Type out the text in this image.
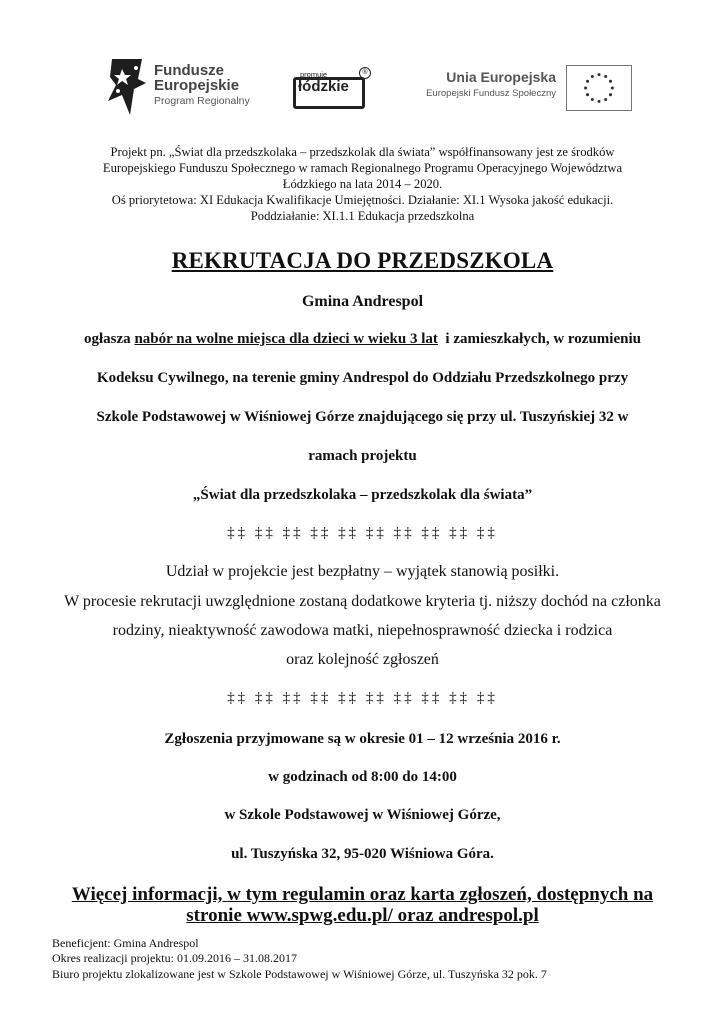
Fundusze
Europejskie
Program Regionalny
promuje
łódzkie
®	Unia Europejska
Europejski Fundusz Społeczny
Projekt pn. „Świat dla przedszkolaka – przedszkolak dla świata” współfinansowany jest ze środków
Europejskiego Funduszu Społecznego w ramach Regionalnego Programu Operacyjnego Województwa
Łódzkiego na lata 2014 – 2020.
Oś priorytetowa: XI Edukacja Kwalifikacje Umiejętności. Działanie: XI.1 Wysoka jakość edukacji.
Poddziałanie: XI.1.1 Edukacja przedszkolna
REKRUTACJA DO PRZEDSZKOLA
Gmina Andrespol
ogłasza nabór na wolne miejsca dla dzieci w wieku 3 lat  i zamieszkałych, w rozumieniu
Kodeksu Cywilnego, na terenie gminy Andrespol do Oddziału Przedszkolnego przy
Szkole Podstawowej w Wiśniowej Górze znajdującego się przy ul. Tuszyńskiej 32 w
ramach projektu
„Świat dla przedszkolaka – przedszkolak dla świata”
‡‡ ‡‡ ‡‡ ‡‡ ‡‡ ‡‡ ‡‡ ‡‡ ‡‡ ‡‡
Udział w projekcie jest bezpłatny – wyjątek stanowią posiłki.
W procesie rekrutacji uwzględnione zostaną dodatkowe kryteria tj. niższy dochód na członka
rodziny, nieaktywność zawodowa matki, niepełnosprawność dziecka i rodzica
oraz kolejność zgłoszeń
‡‡ ‡‡ ‡‡ ‡‡ ‡‡ ‡‡ ‡‡ ‡‡ ‡‡ ‡‡
Zgłoszenia przyjmowane są w okresie 01 – 12 września 2016 r.
w godzinach od 8:00 do 14:00
w Szkole Podstawowej w Wiśniowej Górze,
ul. Tuszyńska 32, 95-020 Wiśniowa Góra.
Więcej informacji, w tym regulamin oraz karta zgłoszeń, dostępnych na
stronie www.spwg.edu.pl/ oraz andrespol.pl
Beneficjent: Gmina Andrespol
Okres realizacji projektu: 01.09.2016 – 31.08.2017
Biuro projektu zlokalizowane jest w Szkole Podstawowej w Wiśniowej Górze, ul. Tuszyńska 32 pok. 7
